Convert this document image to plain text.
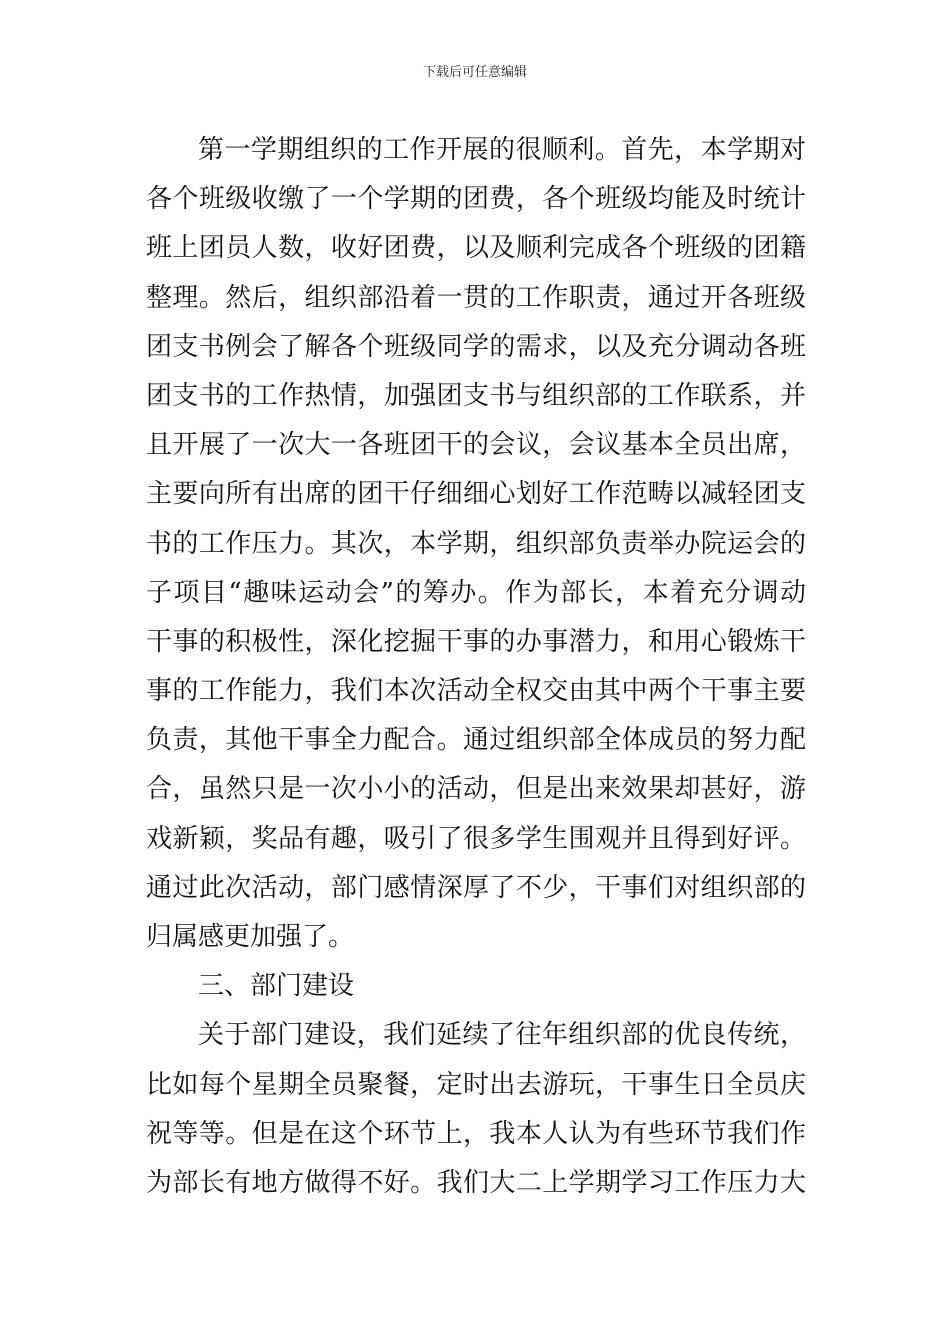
下载后可任意编辑
第一学期组织的工作开展的很顺利。首先，本学期对
各个班级收缴了一个学期的团费，各个班级均能及时统计
班上团员人数，收好团费，以及顺利完成各个班级的团籍
整理。然后，组织部沿着一贯的工作职责，通过开各班级
团支书例会了解各个班级同学的需求，以及充分调动各班
团支书的工作热情，加强团支书与组织部的工作联系，并
且开展了一次大一各班团干的会议，会议基本全员出席，
主要向所有出席的团干仔细细心划好工作范畴以减轻团支
书的工作压力。其次，本学期，组织部负责举办院运会的
子项目“趣味运动会”的筹办。作为部长，本着充分调动
干事的积极性，深化挖掘干事的办事潜力，和用心锻炼干
事的工作能力，我们本次活动全权交由其中两个干事主要
负责，其他干事全力配合。通过组织部全体成员的努力配
合，虽然只是一次小小的活动，但是出来效果却甚好，游
戏新颖，奖品有趣，吸引了很多学生围观并且得到好评。
通过此次活动，部门感情深厚了不少，干事们对组织部的
归属感更加强了。
三、部门建设
关于部门建设，我们延续了往年组织部的优良传统，
比如每个星期全员聚餐，定时出去游玩，干事生日全员庆
祝等等。但是在这个环节上，我本人认为有些环节我们作
为部长有地方做得不好。我们大二上学期学习工作压力大
